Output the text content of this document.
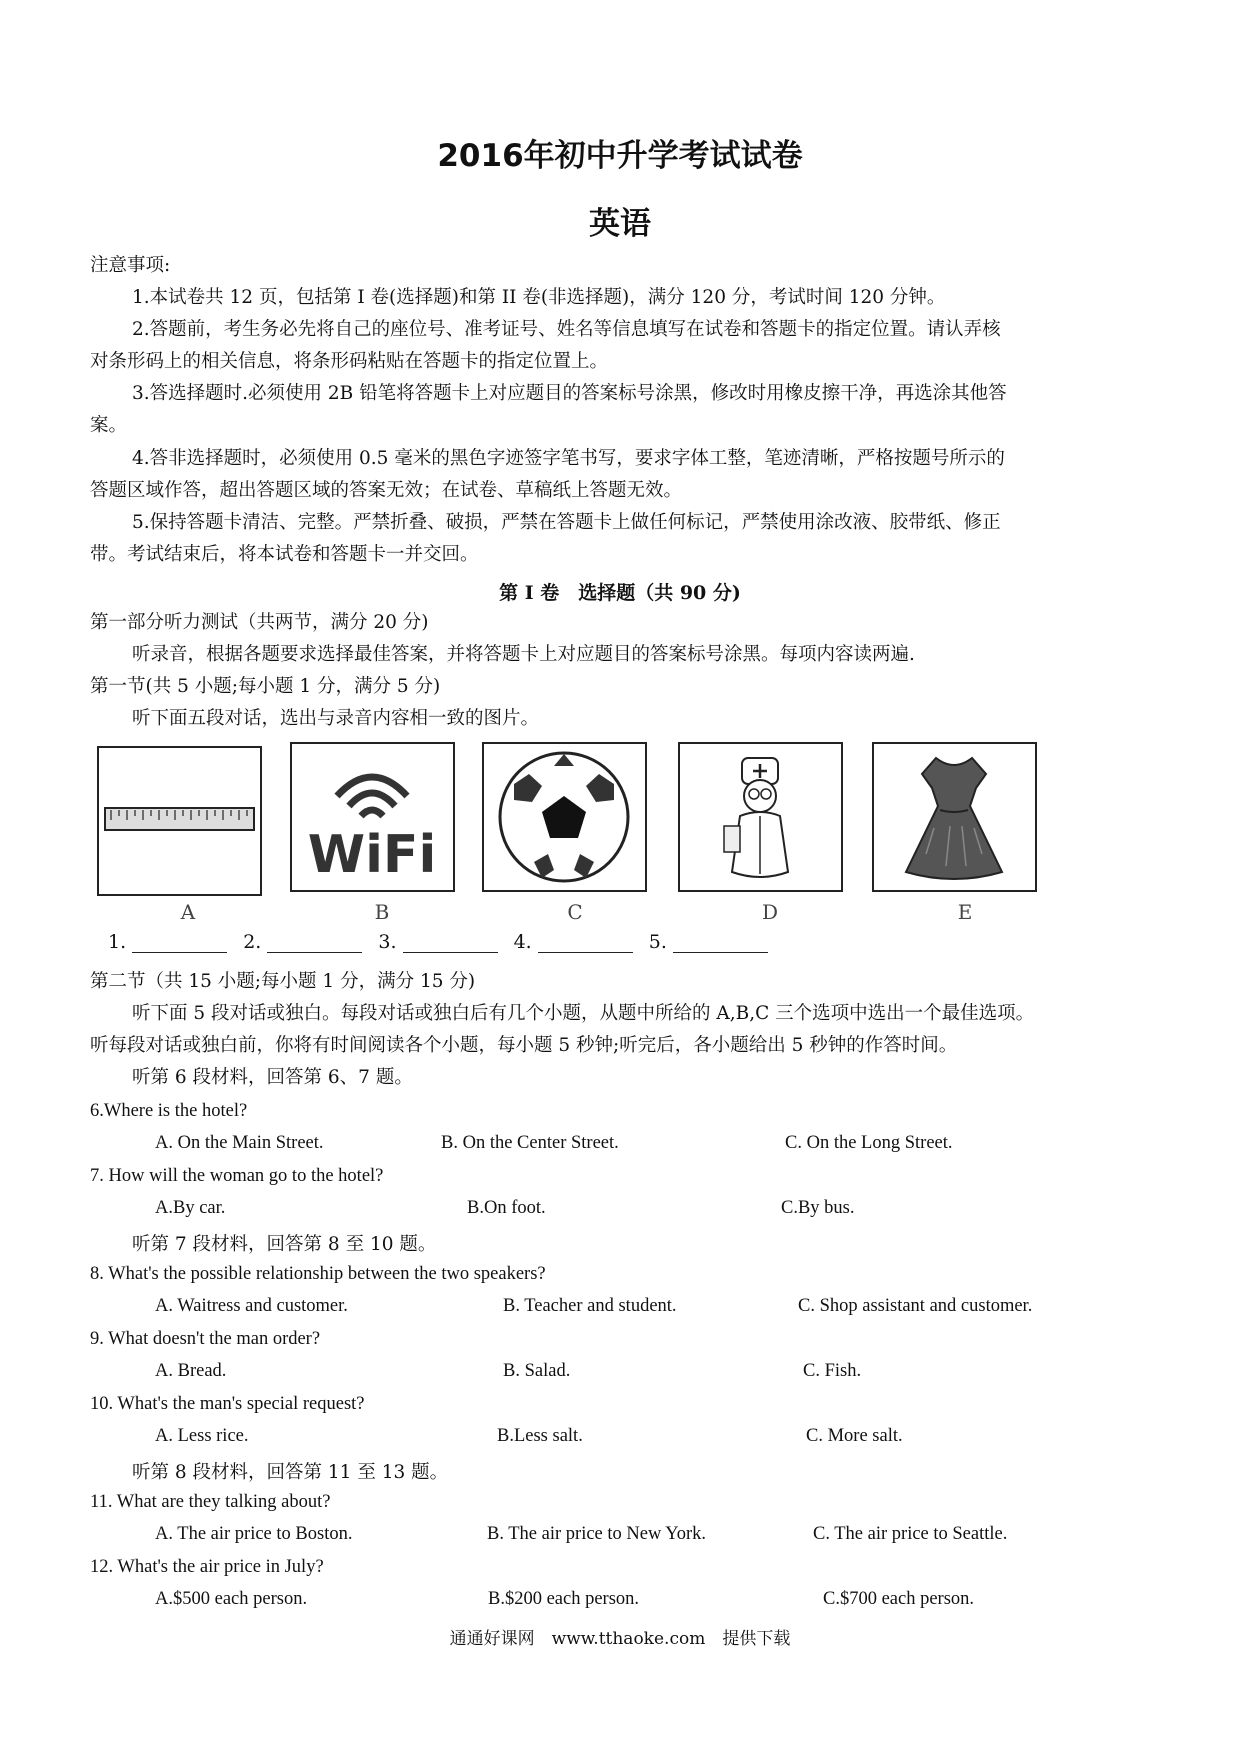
2016年初中升学考试试卷
英语
注意事项:
1.本试卷共 12 页，包括第 I 卷(选择题)和第 II 卷(非选择题)，满分 120 分，考试时间 120 分钟。
2.答题前，考生务必先将自己的座位号、准考证号、姓名等信息填写在试卷和答题卡的指定位置。请认弄核
对条形码上的相关信息，将条形码粘贴在答题卡的指定位置上。
3.答选择题时.必须使用 2B 铅笔将答题卡上对应题目的答案标号涂黑，修改时用橡皮擦干净，再选涂其他答
案。
4.答非选择题时，必须使用 0.5 毫米的黑色字迹签字笔书写，要求字体工整，笔迹清晰，严格按题号所示的
答题区域作答，超出答题区域的答案无效；在试卷、草稿纸上答题无效。
5.保持答题卡清洁、完整。严禁折叠、破损，严禁在答题卡上做任何标记，严禁使用涂改液、胶带纸、修正
带。考试结束后，将本试卷和答题卡一并交回。
第 I 卷　选择题（共 90 分)
第一部分听力测试（共两节，满分 20 分)
听录音，根据各题要求选择最佳答案，并将答题卡上对应题目的答案标号涂黑。每项内容读两遍.
第一节(共 5 小题;每小题 1 分，满分 5 分)
听下面五段对话，选出与录音内容相一致的图片。
WiFi
A	B	C	D	E
1.	2.	3.	4.	5.
第二节（共 15 小题;每小题 1 分，满分 15 分)
听下面 5 段对话或独白。每段对话或独白后有几个小题，从题中所给的 A,B,C 三个选项中选出一个最佳选项。
听每段对话或独白前，你将有时间阅读各个小题，每小题 5 秒钟;听完后，各小题给出 5 秒钟的作答时间。
听第 6 段材料，回答第 6、7 题。
6.Where is the hotel?
A. On the Main Street.	B. On the Center Street.	C. On the Long Street.
7. How will the woman go to the hotel?
A.By car.	B.On foot.	C.By bus.
听第 7 段材料，回答第 8 至 10 题。
8. What's the possible relationship between the two speakers?
A. Waitress and customer.	B. Teacher and student.	C. Shop assistant and customer.
9. What doesn't the man order?
A. Bread.	B. Salad.	C. Fish.
10. What's the man's special request?
A. Less rice.	B.Less salt.	C. More salt.
听第 8 段材料，回答第 11 至 13 题。
11. What are they talking about?
A. The air price to Boston.	B. The air price to New York.	C. The air price to Seattle.
12. What's the air price in July?
A.$500 each person.	B.$200 each person.	C.$700 each person.
通通好课网　www.tthaoke.com　提供下载
